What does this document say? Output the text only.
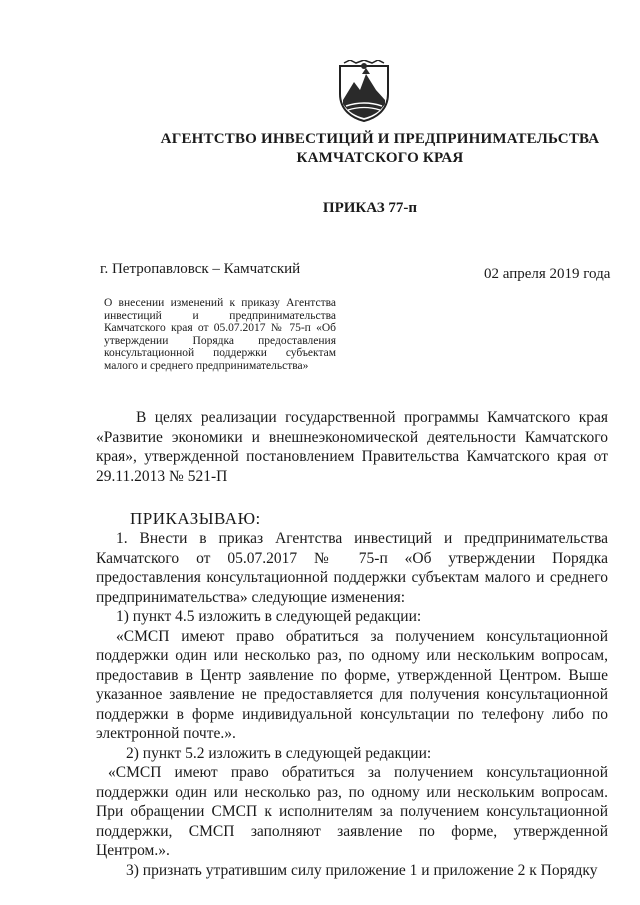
АГЕНТСТВО ИНВЕСТИЦИЙ И ПРЕДПРИНИМАТЕЛЬСТВА
КАМЧАТСКОГО КРАЯ
ПРИКАЗ 77-п
г. Петропавловск – Камчатский	02 апреля 2019 года
О внесении изменений к приказу Агентства инвестиций и предпринимательства Камчатского края от 05.07.2017 № 75-п «Об утверждении Порядка предоставления консультационной поддержки субъектам малого и среднего предпринимательства»
В целях реализации государственной программы Камчатского края «Развитие экономики и внешнеэкономической деятельности Камчатского края», утвержденной постановлением Правительства Камчатского края от 29.11.2013 № 521-П
ПРИКАЗЫВАЮ:

1. Внести в приказ Агентства инвестиций и предпринимательства Камчатского от 05.07.2017 № 75-п «Об утверждении Порядка предоставления консультационной поддержки субъектам малого и среднего предпринимательства» следующие изменения:

1) пункт 4.5 изложить в следующей редакции:

«СМСП имеют право обратиться за получением консультационной поддержки один или несколько раз, по одному или нескольким вопросам, предоставив в Центр заявление по форме, утвержденной Центром. Выше указанное заявление не предоставляется для получения консультационной поддержки в форме индивидуальной консультации по телефону либо по электронной почте.».

2) пункт 5.2 изложить в следующей редакции:

«СМСП имеют право обратиться за получением консультационной поддержки один или несколько раз, по одному или нескольким вопросам. При обращении СМСП к исполнителям за получением консультационной поддержки, СМСП заполняют заявление по форме, утвержденной Центром.».

3) признать утратившим силу приложение 1 и приложение 2 к Порядку
